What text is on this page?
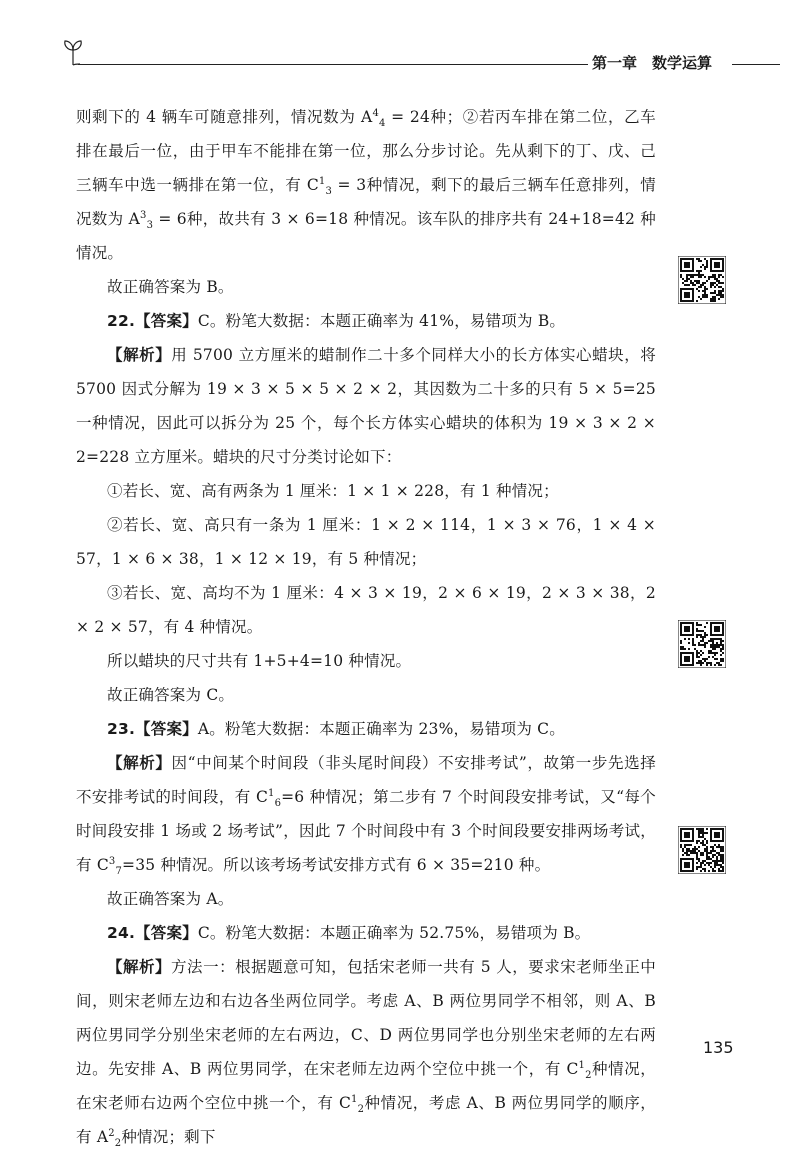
第一章　数学运算

则剩下的 4 辆车可随意排列，情况数为 $A^4_4 = 24$种；②若丙车排在第二位，乙车排在最后一位，由于甲车不能排在第一位，那么分步讨论。先从剩下的丁、戊、己三辆车中选一辆排在第一位，有 $C^1_3 = 3$种情况，剩下的最后三辆车任意排列，情况数为 $A^3_3 = 6$种，故共有 3 × 6=18 种情况。该车队的排序共有 24+18=42 种情况。

故正确答案为 B。

22.【答案】C。粉笔大数据：本题正确率为 41%，易错项为 B。

【解析】用 5700 立方厘米的蜡制作二十多个同样大小的长方体实心蜡块，将 5700 因式分解为 19 × 3 × 5 × 5 × 2 × 2，其因数为二十多的只有 5 × 5=25 一种情况，因此可以拆分为 25 个，每个长方体实心蜡块的体积为 19 × 3 × 2 × 2=228 立方厘米。蜡块的尺寸分类讨论如下：

①若长、宽、高有两条为 1 厘米：1 × 1 × 228，有 1 种情况；

②若长、宽、高只有一条为 1 厘米：1 × 2 × 114，1 × 3 × 76，1 × 4 × 57，1 × 6 × 38，1 × 12 × 19，有 5 种情况；

③若长、宽、高均不为 1 厘米：4 × 3 × 19，2 × 6 × 19，2 × 3 × 38，2 × 2 × 57，有 4 种情况。

所以蜡块的尺寸共有 1+5+4=10 种情况。

故正确答案为 C。

23.【答案】A。粉笔大数据：本题正确率为 23%，易错项为 C。

【解析】因“中间某个时间段（非头尾时间段）不安排考试”，故第一步先选择不安排考试的时间段，有 $C^1_6=6$ 种情况；第二步有 7 个时间段安排考试，又“每个时间段安排 1 场或 2 场考试”，因此 7 个时间段中有 3 个时间段要安排两场考试，有 $C^3_7=35$ 种情况。所以该考场考试安排方式有 6 × 35=210 种。

故正确答案为 A。

24.【答案】C。粉笔大数据：本题正确率为 52.75%，易错项为 B。

【解析】方法一：根据题意可知，包括宋老师一共有 5 人，要求宋老师坐正中间，则宋老师左边和右边各坐两位同学。考虑 A、B 两位男同学不相邻，则 A、B 两位男同学分别坐宋老师的左右两边，C、D 两位男同学也分别坐宋老师的左右两边。先安排 A、B 两位男同学，在宋老师左边两个空位中挑一个，有 $C^1_2$种情况，在宋老师右边两个空位中挑一个，有 $C^1_2$种情况，考虑 A、B 两位男同学的顺序，有 $A^2_2$种情况；剩下

135
